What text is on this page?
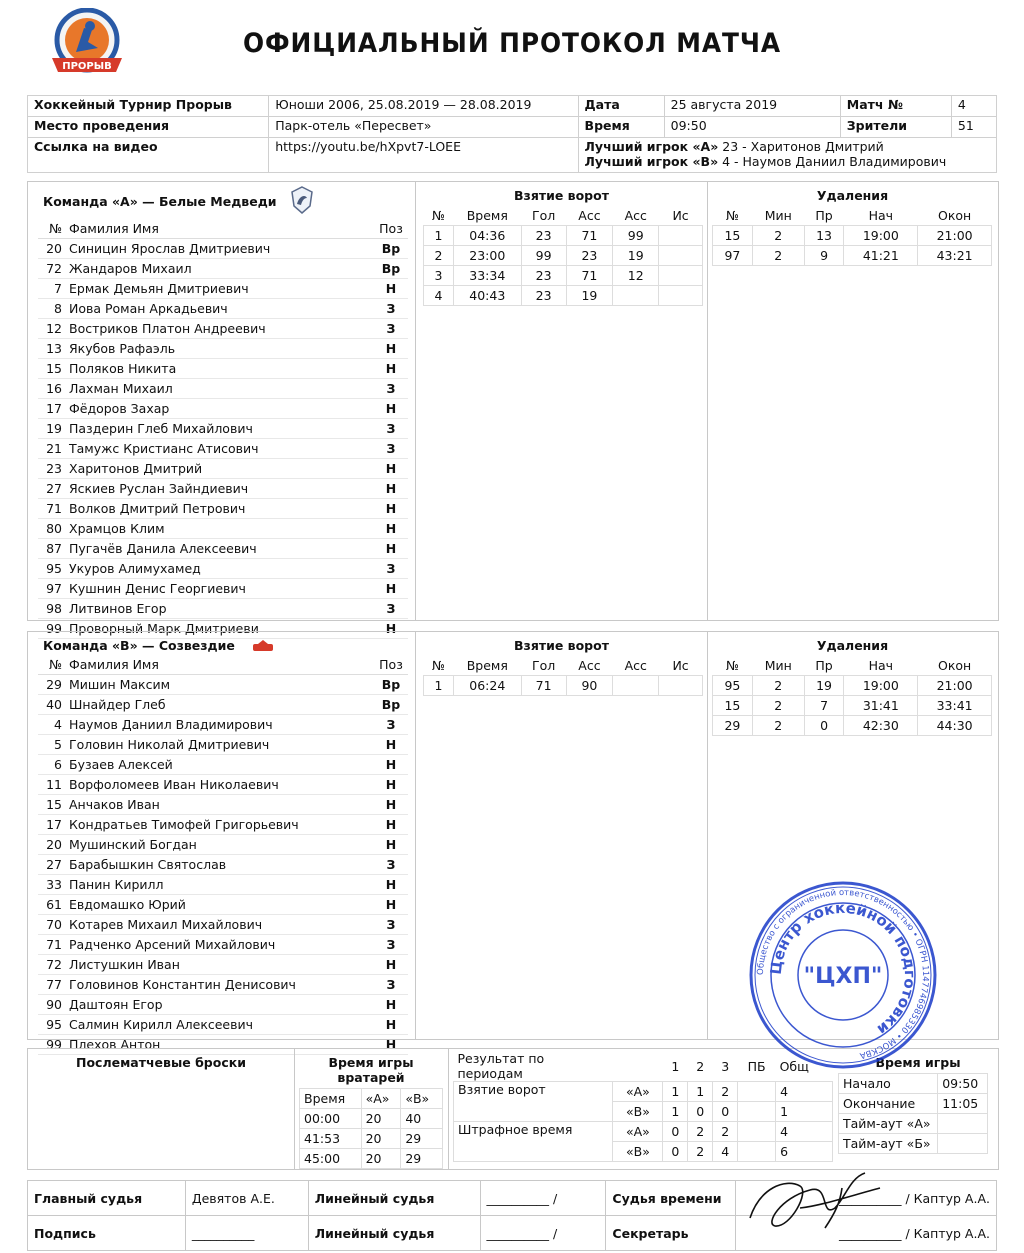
ПРОРЫВ
ОФИЦИАЛЬНЫЙ ПРОТОКОЛ МАТЧА
Хоккейный Турнир Прорыв	Юноши 2006, 25.08.2019 — 28.08.2019	Дата	25 августа 2019	Матч №	4
Место проведения	Парк-отель «Пересвет»	Время	09:50	Зрители	51
Ссылка на видео	https://youtu.be/hXpvt7-LOEE	Лучший игрок «А» 23 - Харитонов Дмитрий
Лучший игрок «В» 4 - Наумов Даниил Владимирович			
Команда «А» — Белые Медведи
№	Фамилия Имя	Поз
20	Синицин Ярослав Дмитриевич	Вр
72	Жандаров Михаил	Вр
7	Ермак Демьян Дмитриевич	Н
8	Иова Роман Аркадьевич	З
12	Востриков Платон Андреевич	З
13	Якубов Рафаэль	Н
15	Поляков Никита	Н
16	Лахман Михаил	З
17	Фёдоров Захар	Н
19	Паздерин Глеб Михайлович	З
21	Тамужс Кристианс Атисович	З
23	Харитонов Дмитрий	Н
27	Яскиев Руслан Зайндиевич	Н
71	Волков Дмитрий Петрович	Н
80	Храмцов Клим	Н
87	Пугачёв Данила Алексеевич	Н
95	Укуров Алимухамед	З
97	Кушнин Денис Георгиевич	Н
98	Литвинов Егор	З
99	Проворный Марк Дмитриеви	Н
Взятие ворот
№	Время	Гол	Асс	Асс	Ис
1	04:36	23	71	99	
2	23:00	99	23	19	
3	33:34	23	71	12	
4	40:43	23	19		
Удаления
№	Мин	Пр	Нач	Окон
15	2	13	19:00	21:00
97	2	9	41:21	43:21
Команда «В» — Созвездие
№	Фамилия Имя	Поз
29	Мишин Максим	Вр
40	Шнайдер Глеб	Вр
4	Наумов Даниил Владимирович	З
5	Головин Николай Дмитриевич	Н
6	Бузаев Алексей	Н
11	Ворфоломеев Иван Николаевич	Н
15	Анчаков Иван	Н
17	Кондратьев Тимофей Григорьевич	Н
20	Мушинский Богдан	Н
27	Барабышкин Святослав	З
33	Панин Кирилл	Н
61	Евдомашко Юрий	Н
70	Котарев Михаил Михайлович	З
71	Радченко Арсений Михайлович	З
72	Листушкин Иван	Н
77	Головинов Константин Денисович	З
90	Даштоян Егор	Н
95	Салмин Кирилл Алексеевич	Н
99	Плехов Антон	Н
Взятие ворот
№	Время	Гол	Асс	Асс	Ис
1	06:24	71	90		
Удаления
№	Мин	Пр	Нач	Окон
95	2	19	19:00	21:00
15	2	7	31:41	33:41
29	2	0	42:30	44:30
Послематчевые броски	Время игры вратарей
Время	«А»	«В»
00:00	20	40
41:53	20	29
45:00	20	29
Результат по периодам		1	2	3	ПБ	Общ
Взятие ворот	«А»	1	1	2		4
	«В»	1	0	0		1
Штрафное время	«А»	0	2	2		4
	«В»	0	2	4		6
Время игры
Начало	09:50
Окончание	11:05
Тайм-аут «А»	
Тайм-аут «Б»	
Главный судья	Девятов А.Е.	Линейный судья	__________ /	Судья времени	__________ / Каптур А.А.
Подпись	__________	Линейный судья	__________ /	Секретарь	__________ / Каптур А.А.
Общество с ограниченной ответственностью • ОГРН 1147746985330 • МОСКВА
Центр хоккейной подготовки
"ЦХП"
